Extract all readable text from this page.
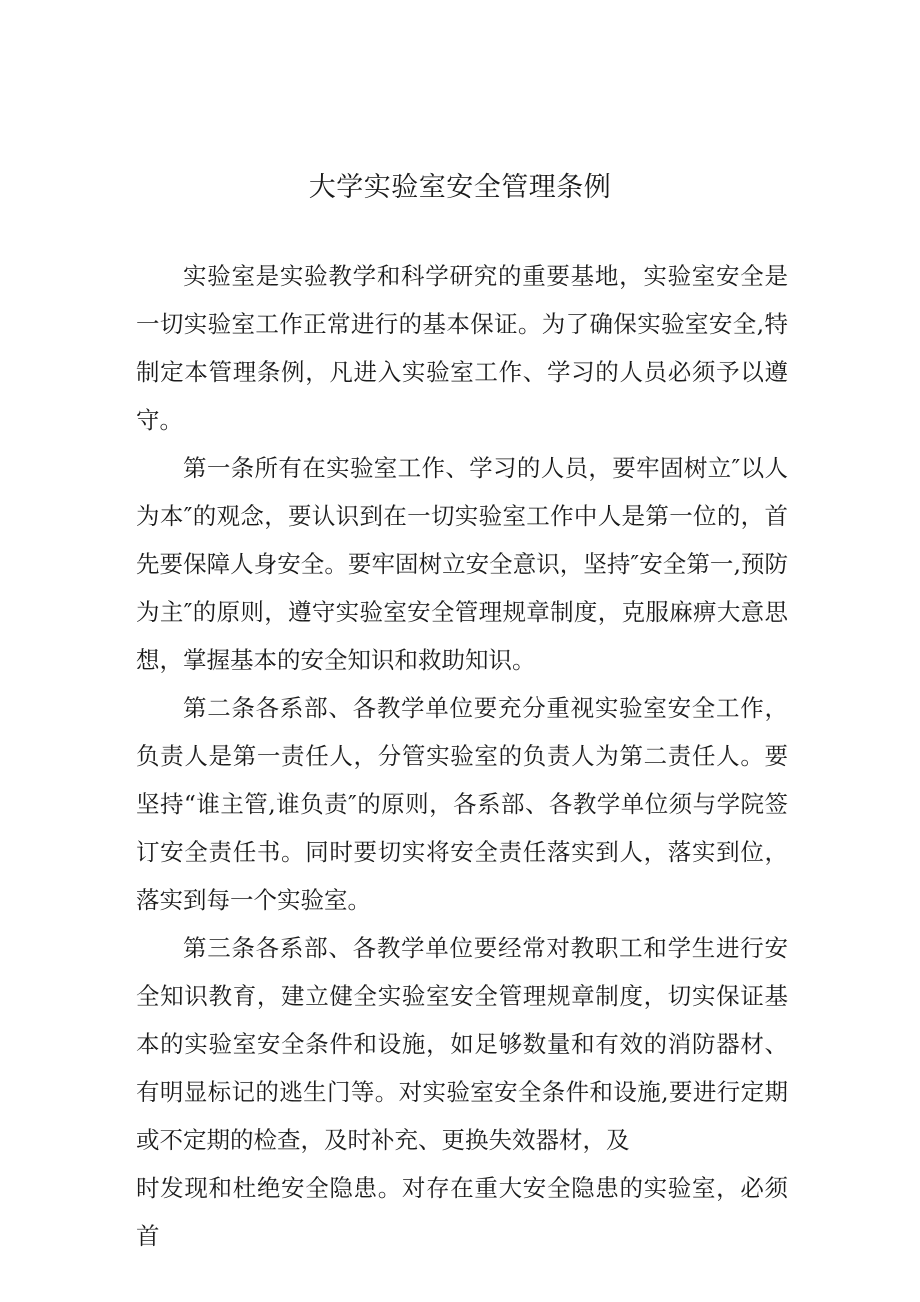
大学实验室安全管理条例

实验室是实验教学和科学研究的重要基地，实验室安全是一切实验室工作正常进行的基本保证。为了确保实验室安全,特制定本管理条例，凡进入实验室工作、学习的人员必须予以遵守。

第一条所有在实验室工作、学习的人员，要牢固树立″以人为本″的观念，要认识到在一切实验室工作中人是第一位的，首先要保障人身安全。要牢固树立安全意识，坚持″安全第一,预防为主″的原则，遵守实验室安全管理规章制度，克服麻痹大意思想，掌握基本的安全知识和救助知识。

第二条各系部、各教学单位要充分重视实验室安全工作，负责人是第一责任人，分管实验室的负责人为第二责任人。要坚持“谁主管,谁负责″的原则，各系部、各教学单位须与学院签订安全责任书。同时要切实将安全责任落实到人，落实到位，落实到每一个实验室。

第三条各系部、各教学单位要经常对教职工和学生进行安全知识教育，建立健全实验室安全管理规章制度，切实保证基本的实验室安全条件和设施，如足够数量和有效的消防器材、有明显标记的逃生门等。对实验室安全条件和设施,要进行定期或不定期的检查，及时补充、更换失效器材，及

时发现和杜绝安全隐患。对存在重大安全隐患的实验室，必须首
